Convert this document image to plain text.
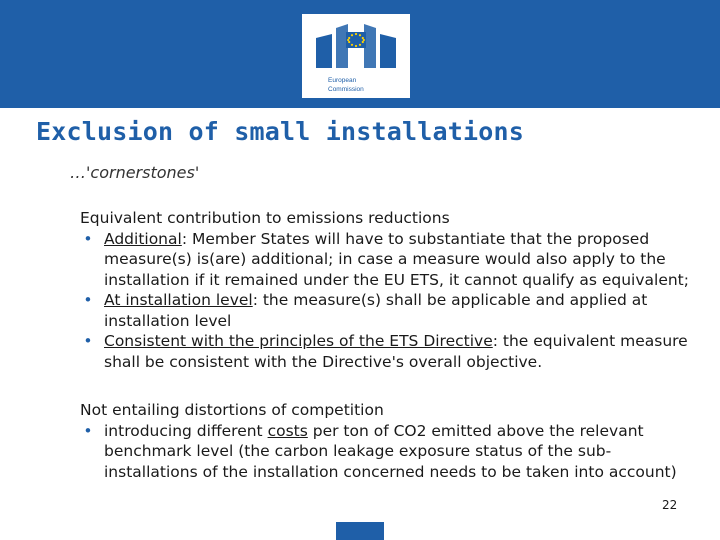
European
Commission
Exclusion of small installations
…'cornerstones'
Equivalent contribution to emissions reductions
• Additional: Member States will have to substantiate that the proposed measure(s) is(are) additional; in case a measure would also apply to the installation if it remained under the EU ETS, it cannot qualify as equivalent;
• At installation level: the measure(s) shall be applicable and applied at installation level
• Consistent with the principles of the ETS Directive: the equivalent measure shall be consistent with the Directive's overall objective.
Not entailing distortions of competition
• introducing different costs per ton of CO2 emitted above the relevant benchmark level (the carbon leakage exposure status of the sub-installations of the installation concerned needs to be taken into account)
22
